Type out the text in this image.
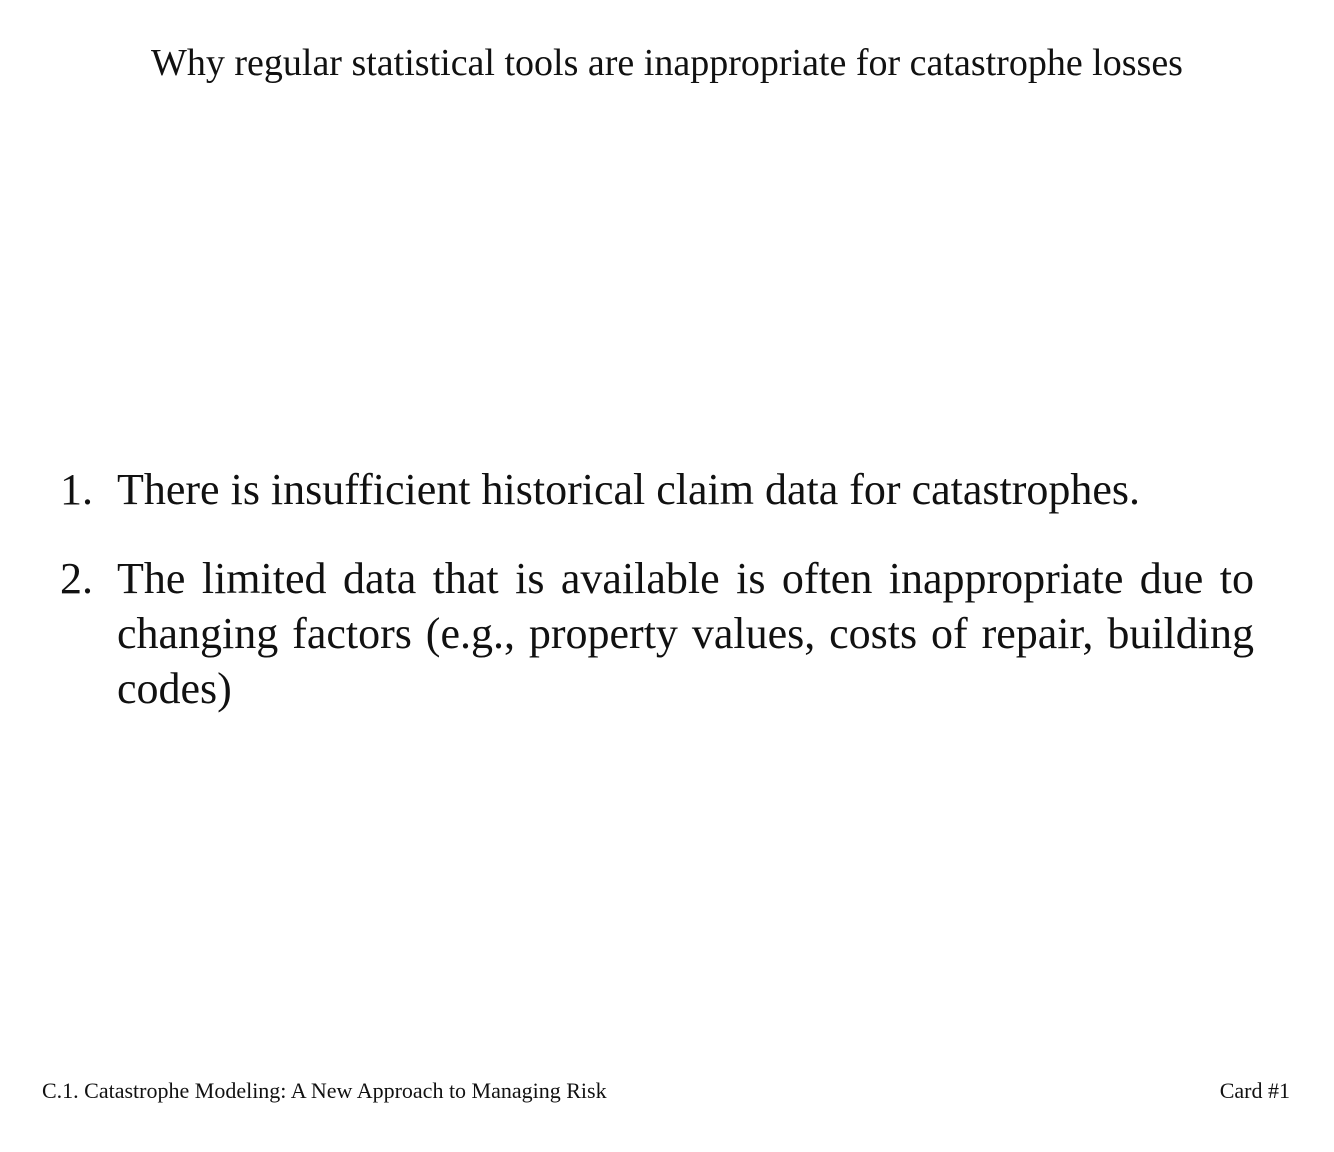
Why regular statistical tools are inappropriate for catastrophe losses
1. There is insufficient historical claim data for catastrophes.
2. The limited data that is available is often inappropriate due to changing factors (e.g., property values, costs of repair, building codes)
C.1. Catastrophe Modeling: A New Approach to Managing Risk	Card #1
